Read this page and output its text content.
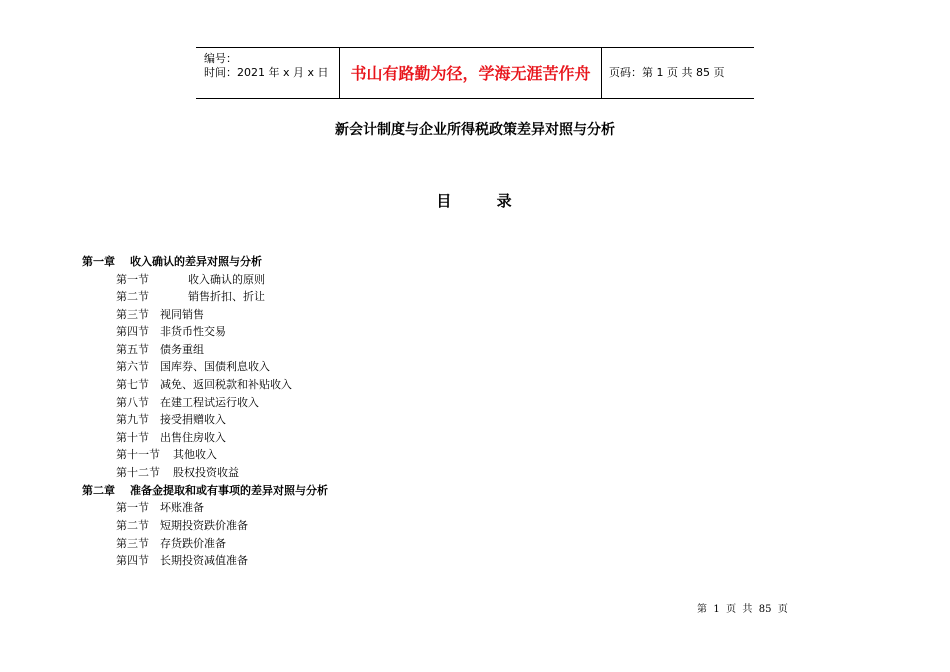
编号：
时间：2021 年 x 月 x 日	书山有路勤为径，学海无涯苦作舟	页码：第 1 页 共 85 页
新会计制度与企业所得税政策差异对照与分析
目      录
第一章 收入确认的差异对照与分析
第一节	收入确认的原则
第二节	销售折扣、折让
第三节 视同销售
第四节 非货币性交易
第五节 债务重组
第六节 国库券、国债利息收入
第七节 减免、返回税款和补贴收入
第八节 在建工程试运行收入
第九节 接受捐赠收入
第十节 出售住房收入
第十一节 其他收入
第十二节 股权投资收益
第二章 准备金提取和或有事项的差异对照与分析
第一节 坏账准备
第二节 短期投资跌价准备
第三节 存货跌价准备
第四节 长期投资减值准备
第  1  页  共  85  页
